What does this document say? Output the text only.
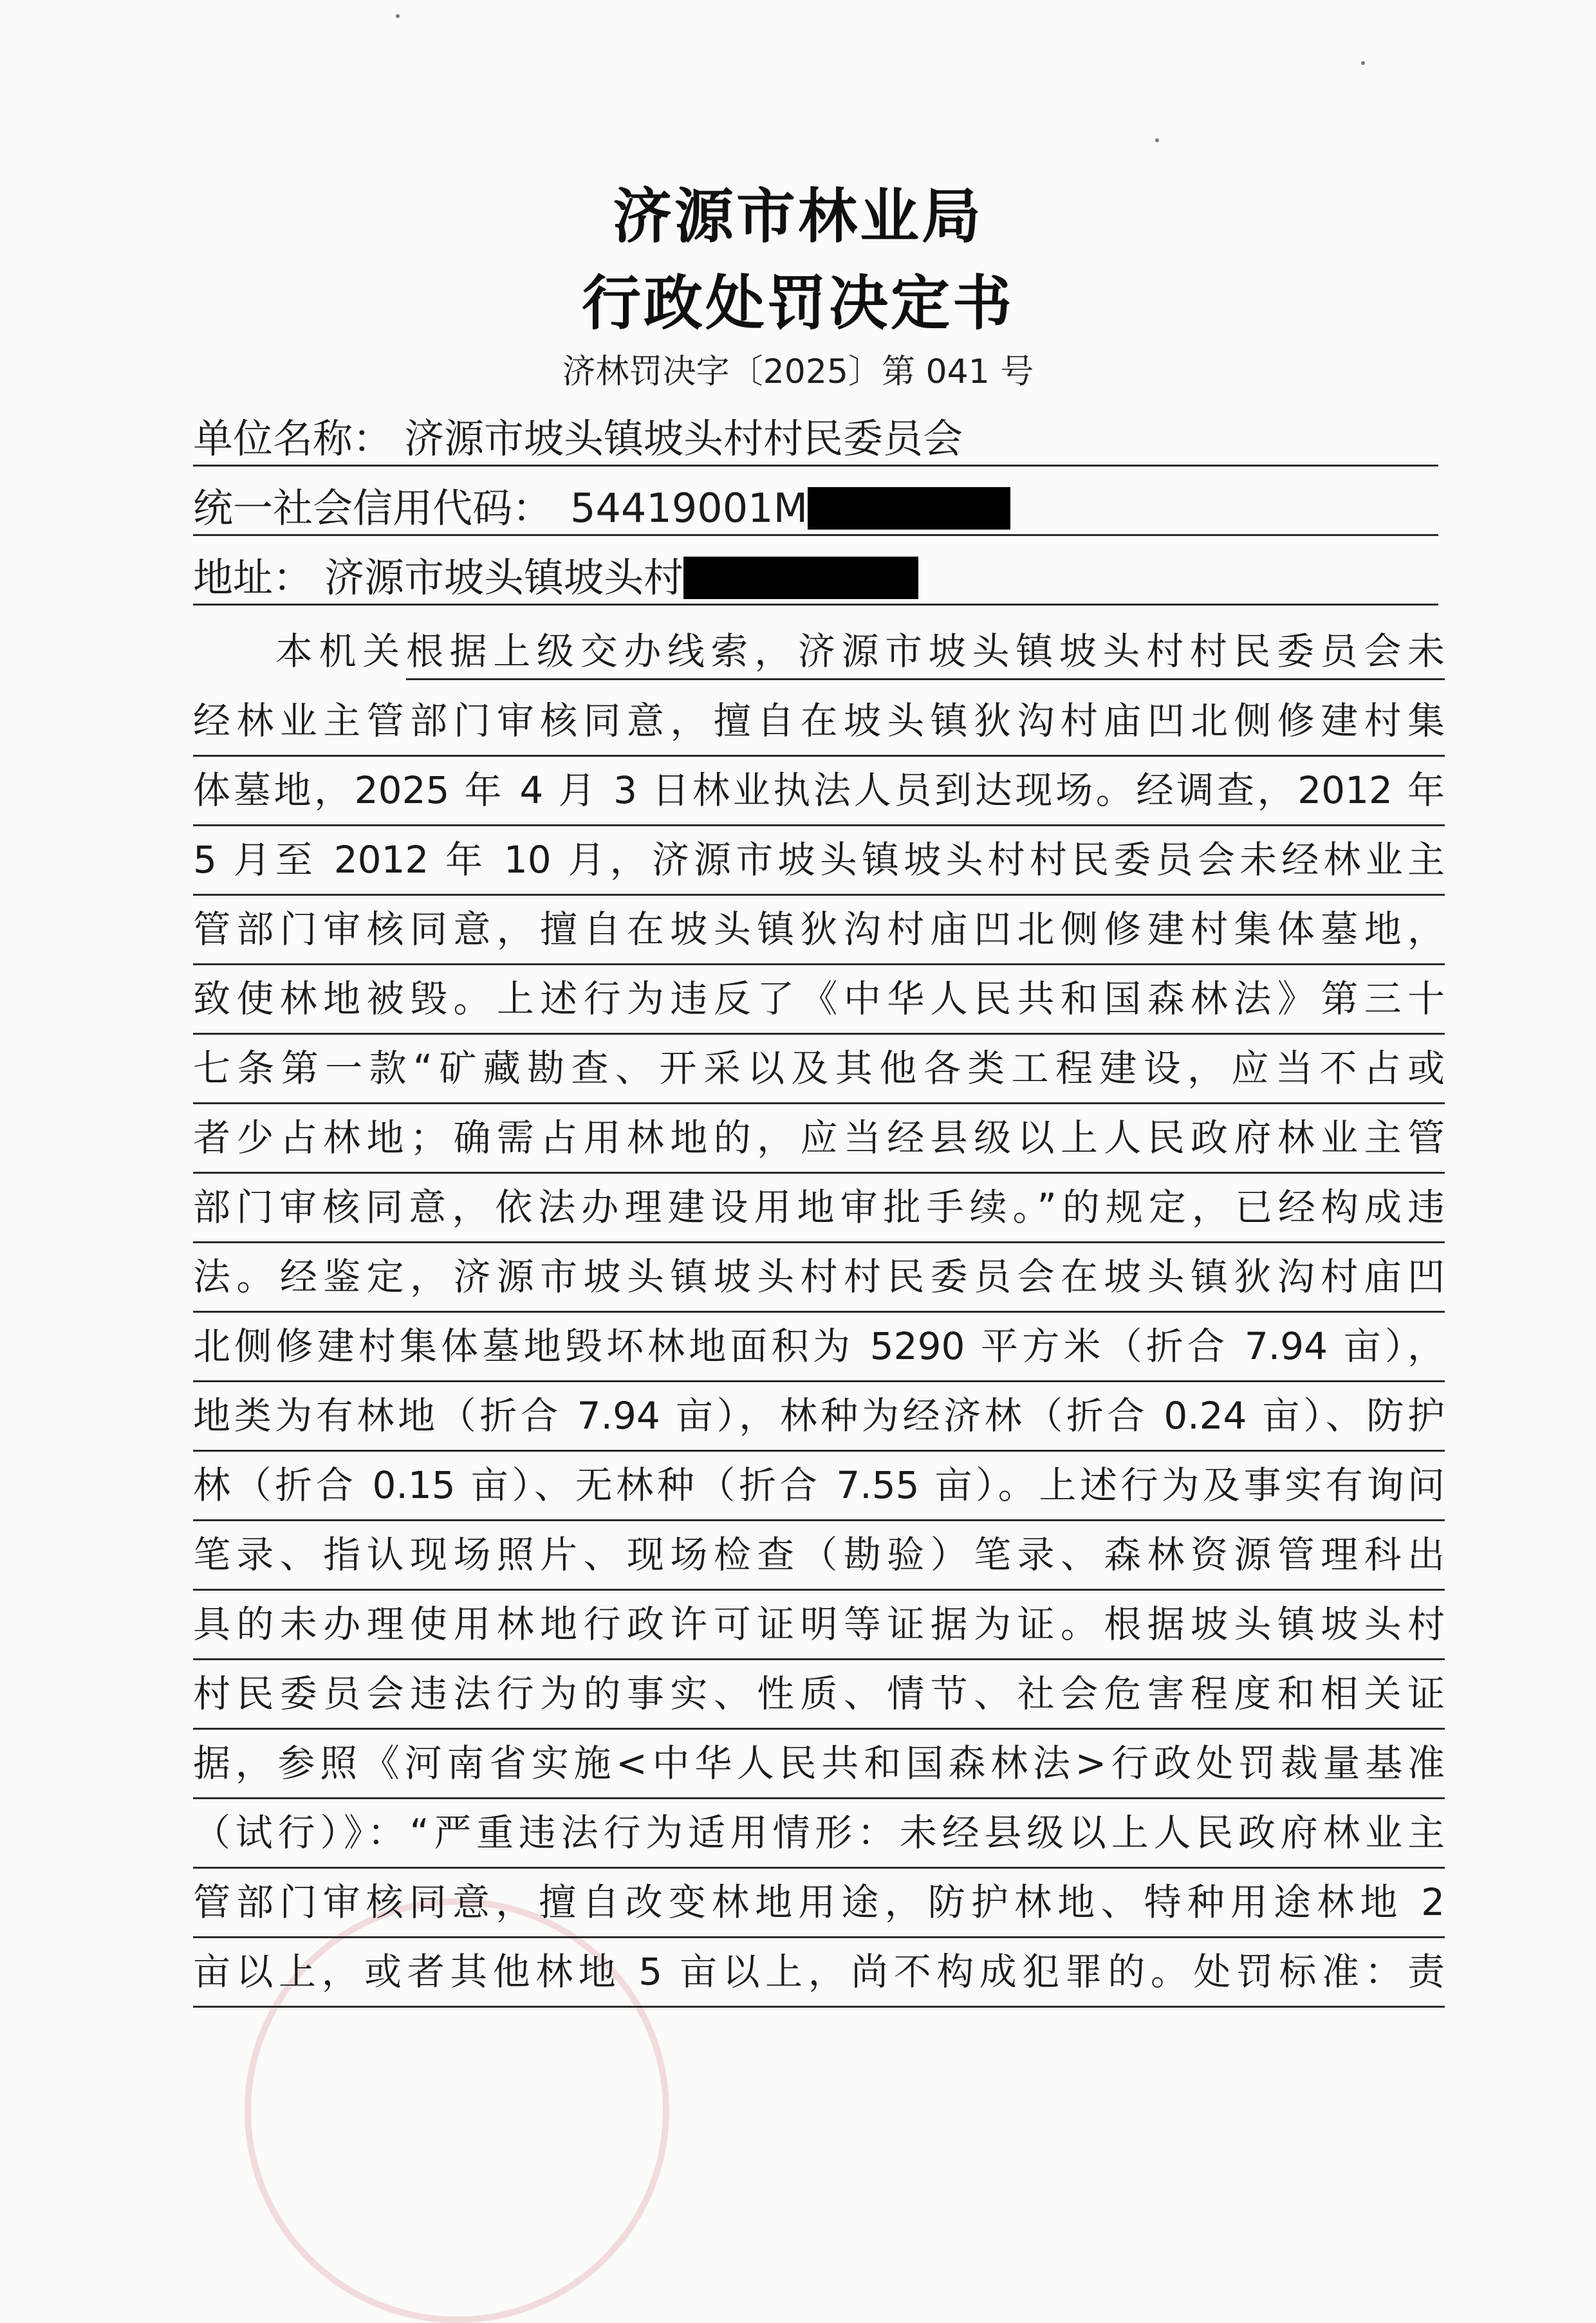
济源市林业局
行政处罚决定书
济林罚决字〔2025〕第 041 号
单位名称： 济源市坡头镇坡头村村民委员会
统一社会信用代码： 54419001M
地址： 济源市坡头镇坡头村
本机关根据上级交办线索，济源市坡头镇坡头村村民委员会未
经林业主管部门审核同意，擅自在坡头镇狄沟村庙凹北侧修建村集
体墓地，2025 年 4 月 3 日林业执法人员到达现场。经调查，2012 年
5 月至 2012 年 10 月，济源市坡头镇坡头村村民委员会未经林业主
管部门审核同意，擅自在坡头镇狄沟村庙凹北侧修建村集体墓地，
致使林地被毁。上述行为违反了《中华人民共和国森林法》第三十
七条第一款“矿藏勘查、开采以及其他各类工程建设，应当不占或
者少占林地；确需占用林地的，应当经县级以上人民政府林业主管
部门审核同意，依法办理建设用地审批手续。”的规定，已经构成违
法。经鉴定，济源市坡头镇坡头村村民委员会在坡头镇狄沟村庙凹
北侧修建村集体墓地毁坏林地面积为 5290 平方米（折合 7.94 亩），
地类为有林地（折合 7.94 亩），林种为经济林（折合 0.24 亩）、防护
林（折合 0.15 亩）、无林种（折合 7.55 亩）。上述行为及事实有询问
笔录、指认现场照片、现场检查（勘验）笔录、森林资源管理科出
具的未办理使用林地行政许可证明等证据为证。根据坡头镇坡头村
村民委员会违法行为的事实、性质、情节、社会危害程度和相关证
据，参照《河南省实施<中华人民共和国森林法>行政处罚裁量基准
（试行）》：“严重违法行为适用情形：未经县级以上人民政府林业主
管部门审核同意，擅自改变林地用途，防护林地、特种用途林地 2
亩以上，或者其他林地 5 亩以上，尚不构成犯罪的。处罚标准：责
